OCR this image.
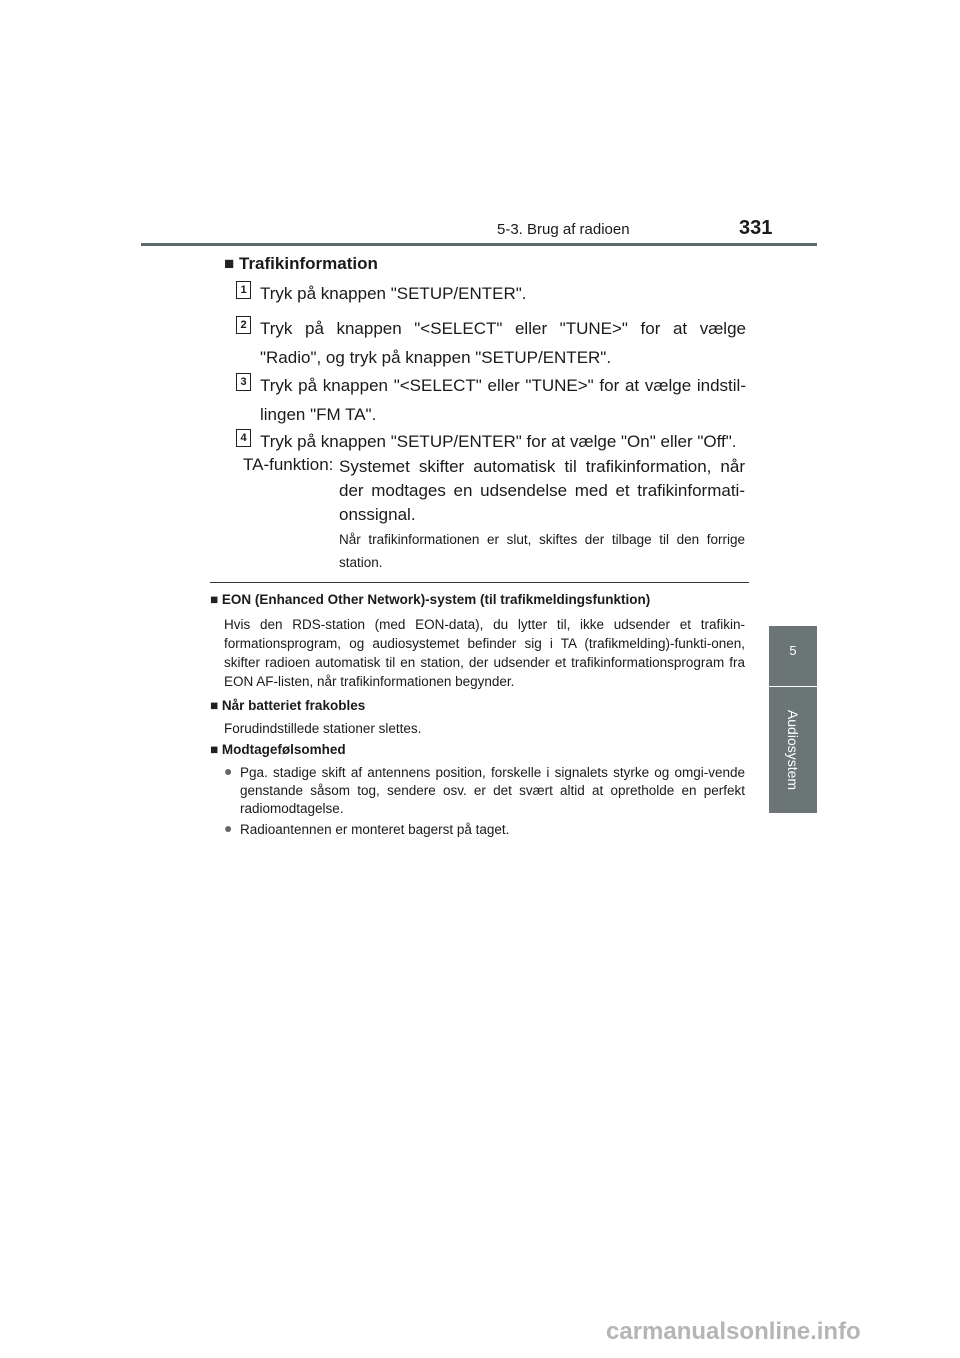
5-3. Brug af radioen	331
5
Audiosystem
■ Trafikinformation
1 Tryk på knappen "SETUP/ENTER".
2 Tryk på knappen "<SELECT" eller "TUNE>" for at vælge "Radio", og tryk på knappen "SETUP/ENTER".
3 Tryk på knappen "<SELECT" eller "TUNE>" for at vælge indstil-lingen "FM TA".
4 Tryk på knappen "SETUP/ENTER" for at vælge "On" eller "Off".
TA-funktion: Systemet skifter automatisk til trafikinformation, når der modtages en udsendelse med et trafikinformati-onssignal.
Når trafikinformationen er slut, skiftes der tilbage til den forrige station.
■ EON (Enhanced Other Network)-system (til trafikmeldingsfunktion)
Hvis den RDS-station (med EON-data), du lytter til, ikke udsender et trafikin-formationsprogram, og audiosystemet befinder sig i TA (trafikmelding)-funkti-onen, skifter radioen automatisk til en station, der udsender et trafikinformationsprogram fra EON AF-listen, når trafikinformationen begynder.
■ Når batteriet frakobles
Forudindstillede stationer slettes.
■ Modtagefølsomhed
● Pga. stadige skift af antennens position, forskelle i signalets styrke og omgi-vende genstande såsom tog, sendere osv. er det svært altid at opretholde en perfekt radiomodtagelse.
● Radioantennen er monteret bagerst på taget.
carmanualsonline.info
